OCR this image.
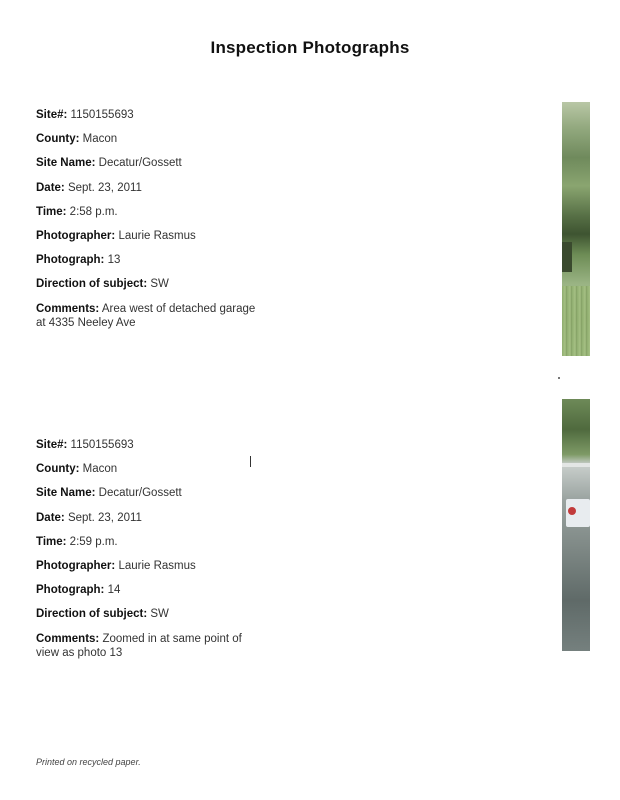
Inspection Photographs
Site#: 1150155693
County: Macon
Site Name: Decatur/Gossett
Date: Sept. 23, 2011
Time: 2:58 p.m.
Photographer: Laurie Rasmus
Photograph: 13
Direction of subject: SW
Comments: Area west of detached garage at 4335 Neeley Ave
Site#: 1150155693
County: Macon
Site Name: Decatur/Gossett
Date: Sept. 23, 2011
Time: 2:59 p.m.
Photographer: Laurie Rasmus
Photograph: 14
Direction of subject: SW
Comments: Zoomed in at same point of view as photo 13
Printed on recycled paper.
